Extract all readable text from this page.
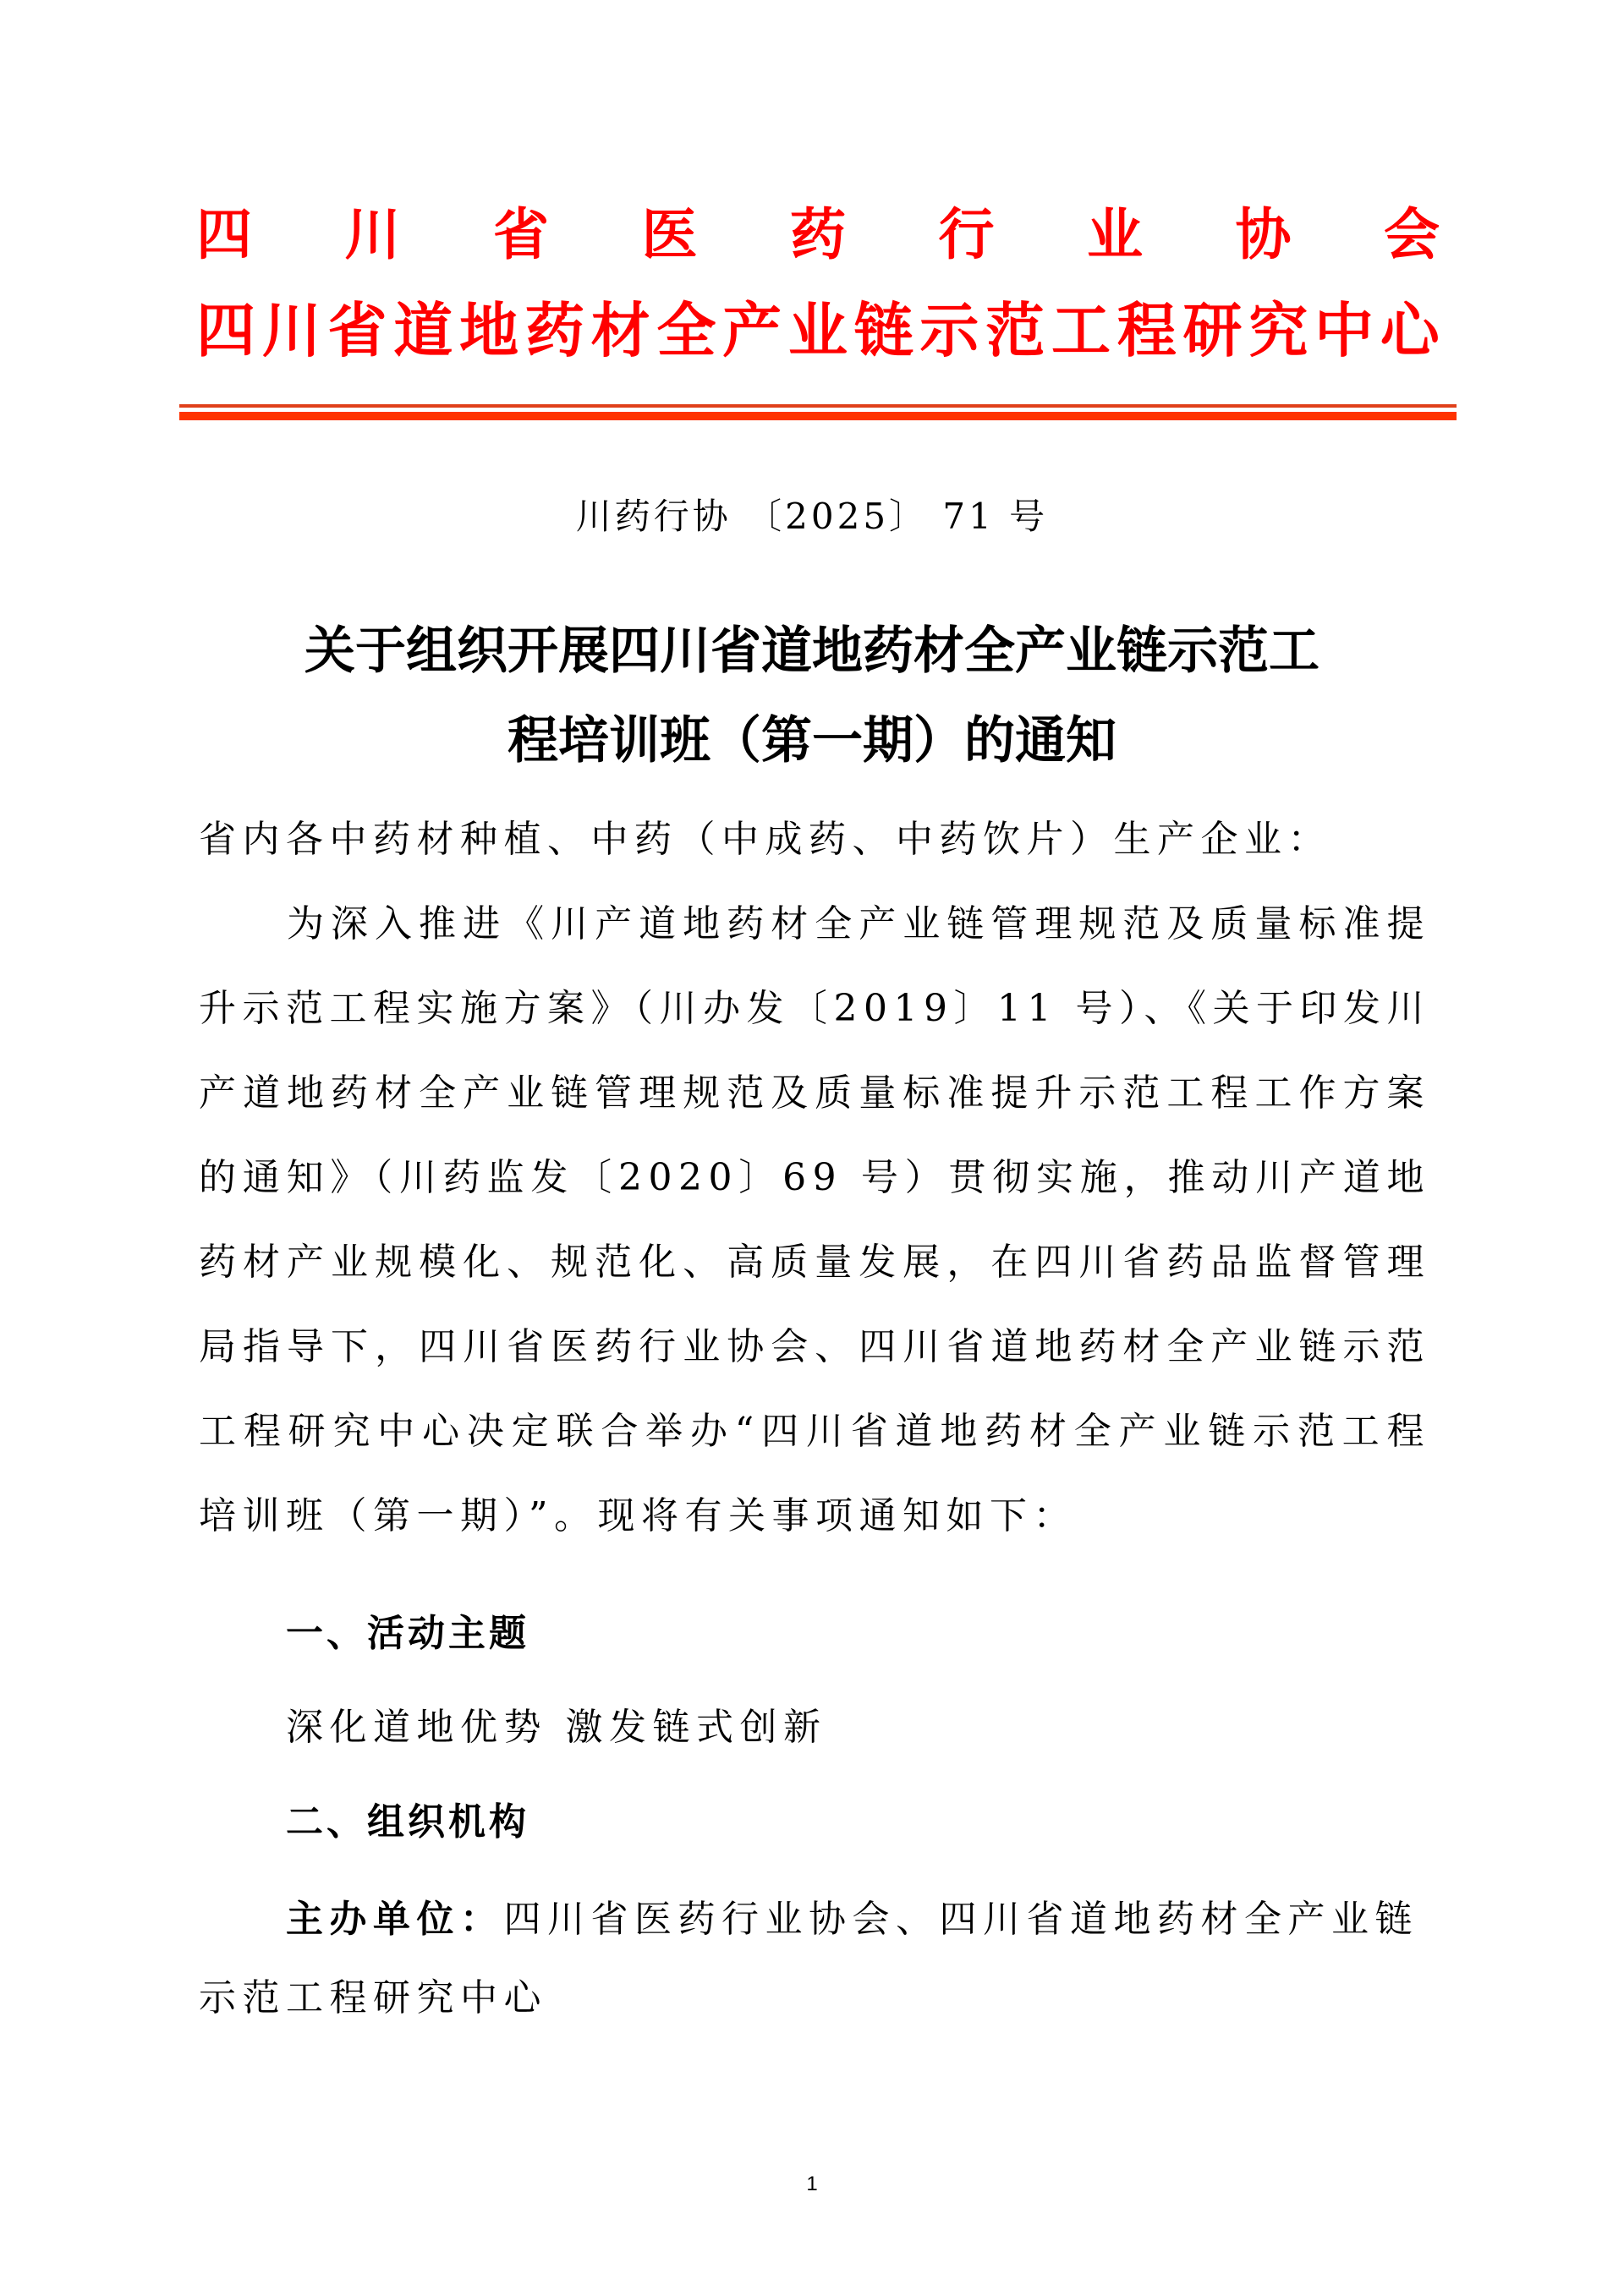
四 川 省 医 药 行 业 协 会
四 川 省 道 地 药 材 全 产 业 链 示 范 工 程 研 究 中 心
川药行协 〔2025〕 71 号
关于组织开展四川省道地药材全产业链示范工
程培训班（第一期）的通知
省内各中药材种植、中药（中成药、中药饮片）生产企业：
为深入推进《川产道地药材全产业链管理规范及质量标准提升示范工程实施方案》（川办发〔2019〕11 号）、《关于印发川产道地药材全产业链管理规范及质量标准提升示范工程工作方案的通知》（川药监发〔2020〕69 号）贯彻实施，推动川产道地药材产业规模化、规范化、高质量发展，在四川省药品监督管理局指导下，四川省医药行业协会、四川省道地药材全产业链示范工程研究中心决定联合举办“四川省道地药材全产业链示范工程培训班（第一期）”。现将有关事项通知如下：
一、活动主题
深化道地优势 激发链式创新
二、组织机构
主办单位：四川省医药行业协会、四川省道地药材全产业链
示范工程研究中心
1
